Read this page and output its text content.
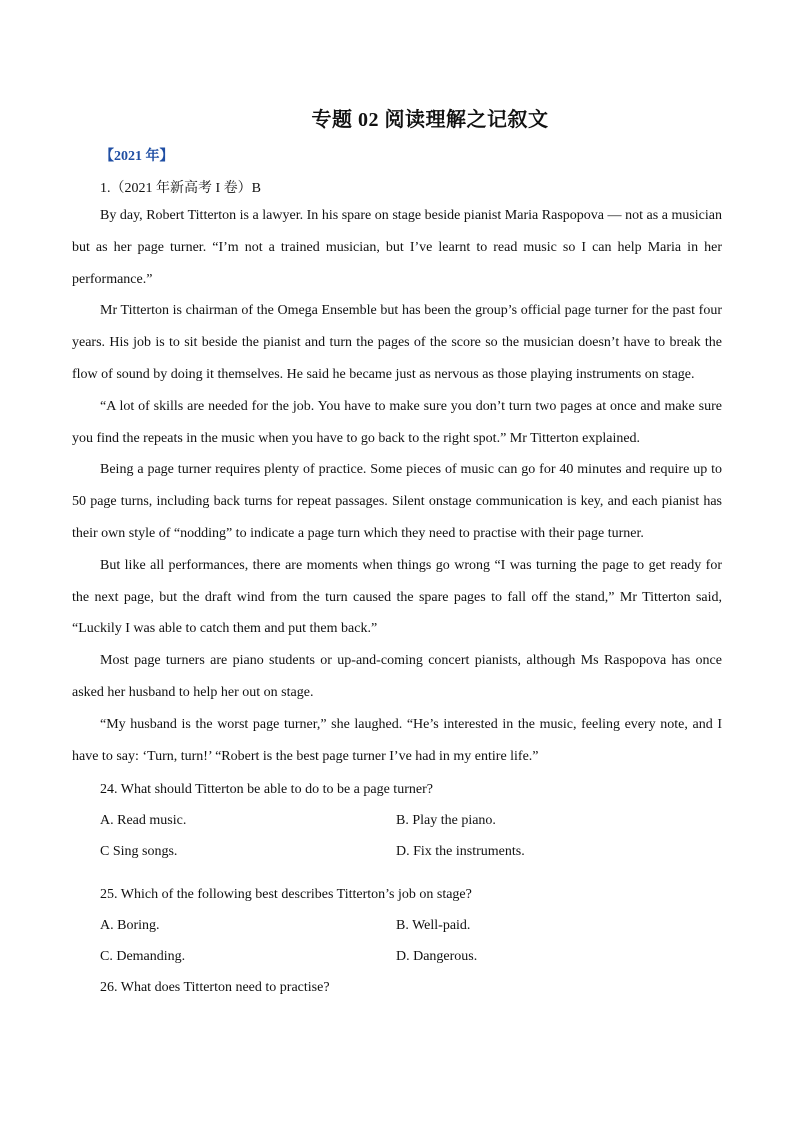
专题 02 阅读理解之记叙文
【2021 年】
1.（2021 年新高考 I 卷）B

By day, Robert Titterton is a lawyer. In his spare on stage beside pianist Maria Raspopova — not as a musician but as her page turner. “I’m not a trained musician, but I’ve learnt to read music so I can help Maria in her performance.”

Mr Titterton is chairman of the Omega Ensemble but has been the group’s official page turner for the past four years. His job is to sit beside the pianist and turn the pages of the score so the musician doesn’t have to break the flow of sound by doing it themselves. He said he became just as nervous as those playing instruments on stage.

“A lot of skills are needed for the job. You have to make sure you don’t turn two pages at once and make sure you find the repeats in the music when you have to go back to the right spot.” Mr Titterton explained.

Being a page turner requires plenty of practice. Some pieces of music can go for 40 minutes and require up to 50 page turns, including back turns for repeat passages. Silent onstage communication is key, and each pianist has their own style of “nodding” to indicate a page turn which they need to practise with their page turner.

But like all performances, there are moments when things go wrong “I was turning the page to get ready for the next page, but the draft wind from the turn caused the spare pages to fall off the stand,” Mr Titterton said, “Luckily I was able to catch them and put them back.”

Most page turners are piano students or up-and-coming concert pianists, although Ms Raspopova has once asked her husband to help her out on stage.

“My husband is the worst page turner,” she laughed. “He’s interested in the music, feeling every note, and I have to say: ‘Turn, turn!’ “Robert is the best page turner I’ve had in my entire life.”

24. What should Titterton be able to do to be a page turner?
A. Read music.	B. Play the piano.
C Sing songs.	D. Fix the instruments.
25. Which of the following best describes Titterton’s job on stage?
A. Boring.	B. Well-paid.
C. Demanding.	D. Dangerous.
26. What does Titterton need to practise?
